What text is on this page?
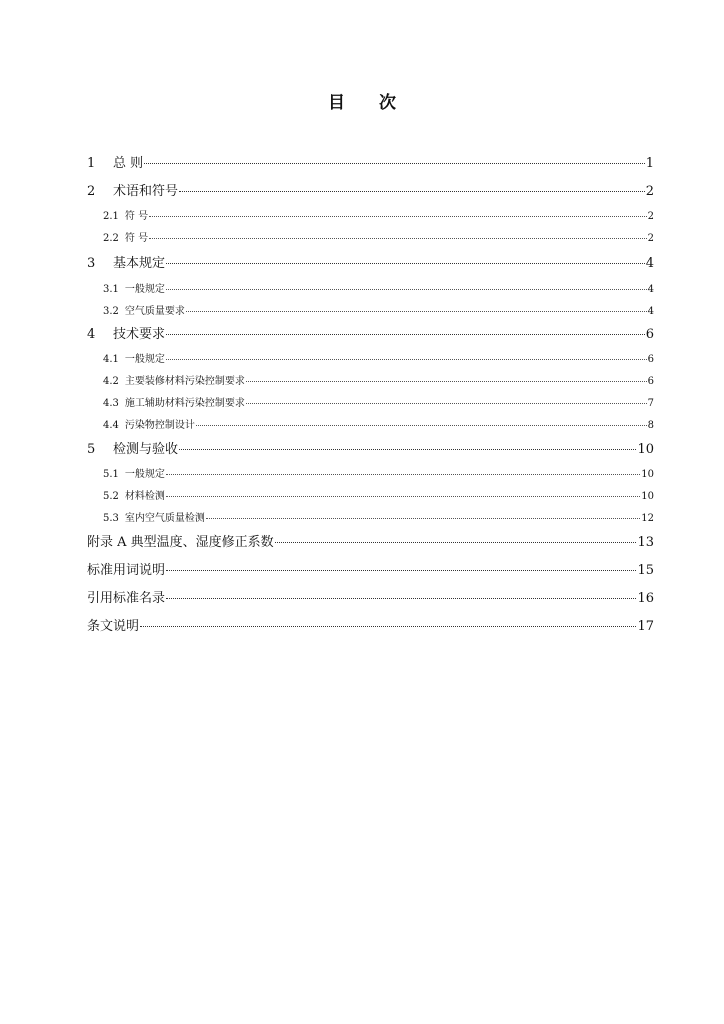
目 次
1	总 则	1
2	术语和符号	2
2.1 符 号	2
2.2 符 号	2
3	基本规定	4
3.1 一般规定	4
3.2 空气质量要求	4
4	技术要求	6
4.1 一般规定	6
4.2 主要装修材料污染控制要求	6
4.3 施工辅助材料污染控制要求	7
4.4 污染物控制设计	8
5	检测与验收	10
5.1 一般规定	10
5.2 材料检测	10
5.3 室内空气质量检测	12
附录 A 典型温度、湿度修正系数	13
标准用词说明	15
引用标准名录	16
条文说明	17
